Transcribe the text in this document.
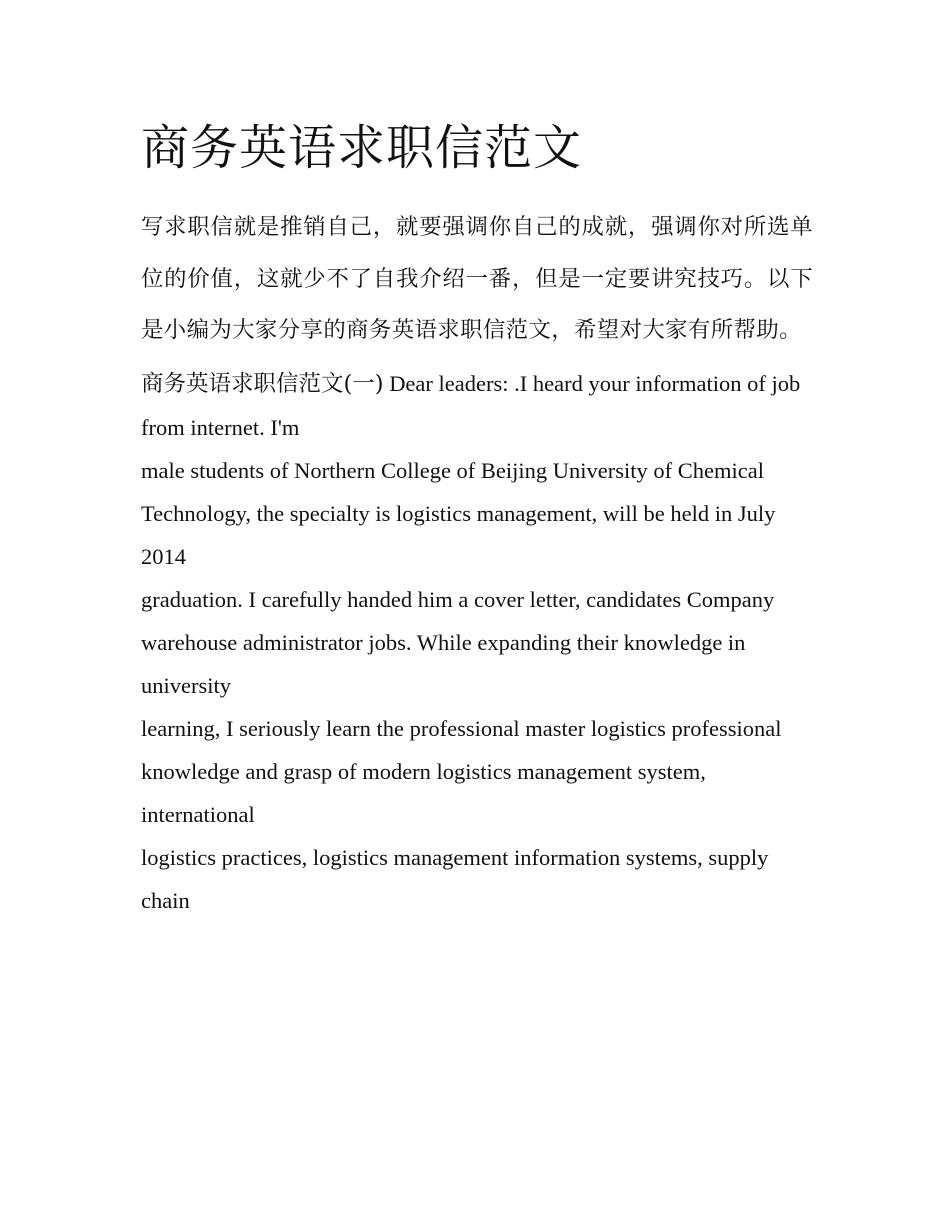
商务英语求职信范文

写求职信就是推销自己，就要强调你自己的成就，强调你对所选单位的价值，这就少不了自我介绍一番，但是一定要讲究技巧。以下是小编为大家分享的商务英语求职信范文，希望对大家有所帮助。

商务英语求职信范文(一) Dear leaders: .I heard your information of job from internet. I'm
male students of Northern College of Beijing University of Chemical
Technology, the specialty is logistics management, will be held in July 2014
graduation. I carefully handed him a cover letter, candidates Company
warehouse administrator jobs. While expanding their knowledge in university
learning, I seriously learn the professional master logistics professional
knowledge and grasp of modern logistics management system, international
logistics practices, logistics management information systems, supply chain
